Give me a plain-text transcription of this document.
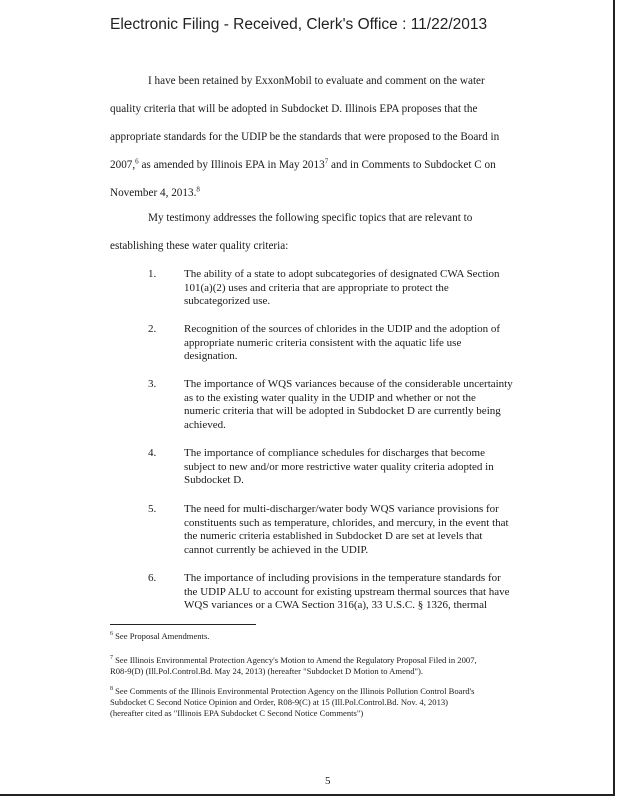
Electronic Filing - Received, Clerk's Office : 11/22/2013
I have been retained by ExxonMobil to evaluate and comment on the water
quality criteria that will be adopted in Subdocket D. Illinois EPA proposes that the
appropriate standards for the UDIP be the standards that were proposed to the Board in
2007,$^6$ as amended by Illinois EPA in May 2013$^7$ and in Comments to Subdocket C on
November 4, 2013.$^8$
My testimony addresses the following specific topics that are relevant to
establishing these water quality criteria:
1.	The ability of a state to adopt subcategories of designated CWA Section
101(a)(2) uses and criteria that are appropriate to protect the
subcategorized use.
2.	Recognition of the sources of chlorides in the UDIP and the adoption of
appropriate numeric criteria consistent with the aquatic life use
designation.
3.	The importance of WQS variances because of the considerable uncertainty
as to the existing water quality in the UDIP and whether or not the
numeric criteria that will be adopted in Subdocket D are currently being
achieved.
4.	The importance of compliance schedules for discharges that become
subject to new and/or more restrictive water quality criteria adopted in
Subdocket D.
5.	The need for multi-discharger/water body WQS variance provisions for
constituents such as temperature, chlorides, and mercury, in the event that
the numeric criteria established in Subdocket D are set at levels that
cannot currently be achieved in the UDIP.
6.	The importance of including provisions in the temperature standards for
the UDIP ALU to account for existing upstream thermal sources that have
WQS variances or a CWA Section 316(a), 33 U.S.C. § 1326, thermal
$^6$ See Proposal Amendments.
$^7$ See Illinois Environmental Protection Agency's Motion to Amend the Regulatory Proposal Filed in 2007,
R08-9(D) (Ill.Pol.Control.Bd. May 24, 2013) (hereafter "Subdocket D Motion to Amend").
$^8$ See Comments of the Illinois Environmental Protection Agency on the Illinois Pollution Control Board's
Subdocket C Second Notice Opinion and Order, R08-9(C) at 15 (Ill.Pol.Control.Bd. Nov. 4, 2013)
(hereafter cited as "Illinois EPA Subdocket C Second Notice Comments")
5
